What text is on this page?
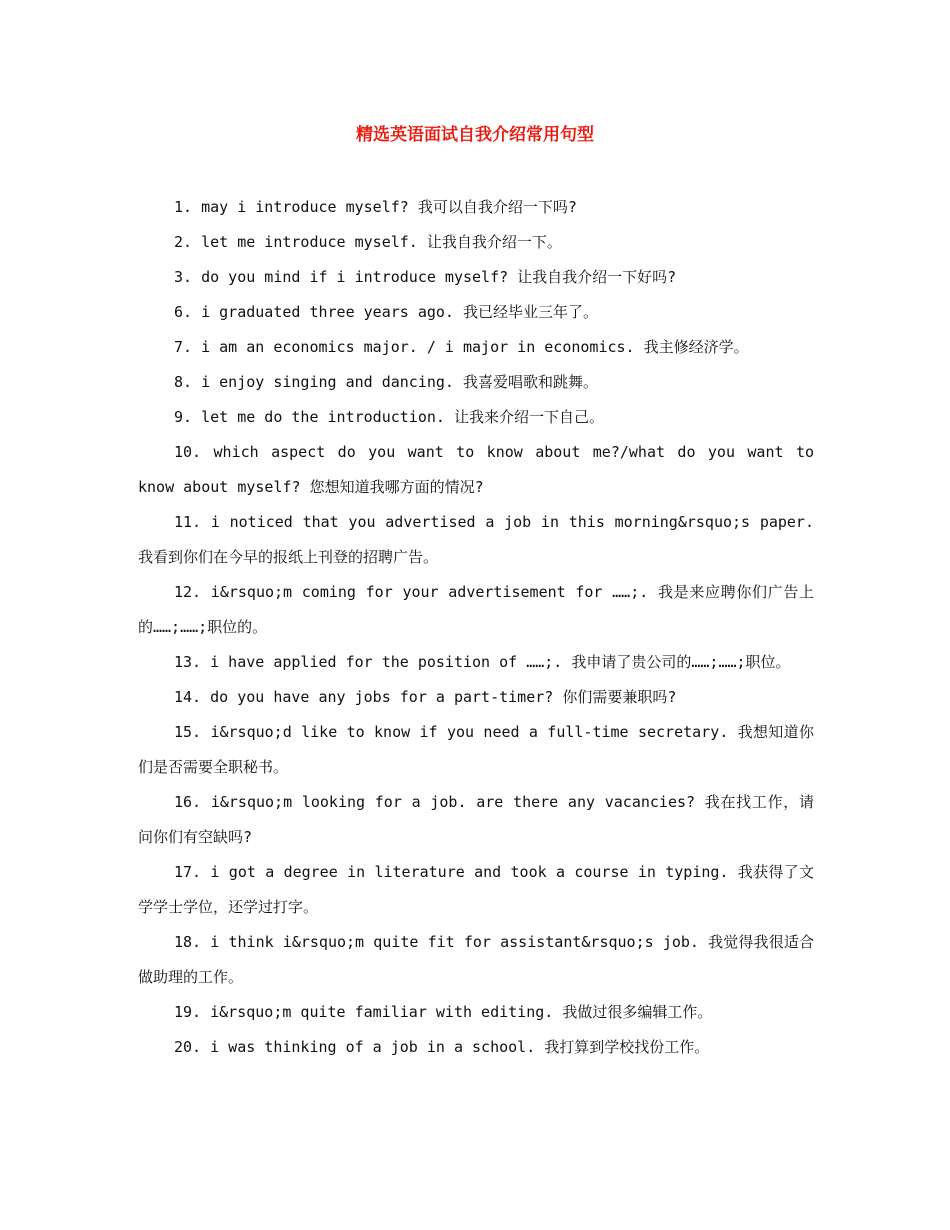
精选英语面试自我介绍常用句型

1. may i introduce myself? 我可以自我介绍一下吗?

2. let me introduce myself. 让我自我介绍一下。

3. do you mind if i introduce myself? 让我自我介绍一下好吗?

6. i graduated three years ago. 我已经毕业三年了。

7. i am an economics major. / i major in economics. 我主修经济学。

8. i enjoy singing and dancing. 我喜爱唱歌和跳舞。

9. let me do the introduction. 让我来介绍一下自己。

10. which aspect do you want to know about me?/what do you want to know about myself? 您想知道我哪方面的情况?

11. i noticed that you advertised a job in this morning&rsquo;s paper.我看到你们在今早的报纸上刊登的招聘广告。

12. i&rsquo;m coming for your advertisement for ……;. 我是来应聘你们广告上的……;……;职位的。

13. i have applied for the position of ……;. 我申请了贵公司的……;……;职位。

14. do you have any jobs for a part-timer? 你们需要兼职吗?

15. i&rsquo;d like to know if you need a full-time secretary. 我想知道你们是否需要全职秘书。

16. i&rsquo;m looking for a job. are there any vacancies? 我在找工作，请问你们有空缺吗?

17. i got a degree in literature and took a course in typing. 我获得了文学学士学位，还学过打字。

18. i think i&rsquo;m quite fit for assistant&rsquo;s job. 我觉得我很适合做助理的工作。

19. i&rsquo;m quite familiar with editing. 我做过很多编辑工作。

20. i was thinking of a job in a school. 我打算到学校找份工作。
